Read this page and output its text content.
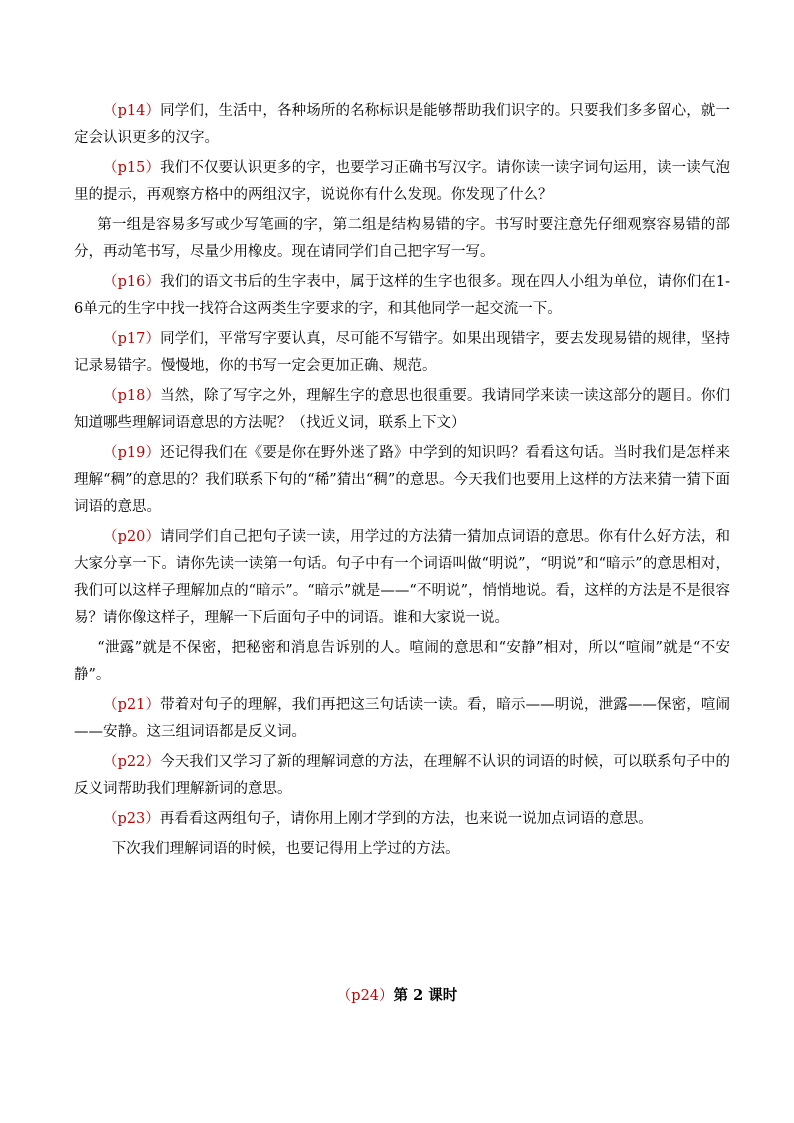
（p14）同学们，生活中，各种场所的名称标识是能够帮助我们识字的。只要我们多多留心，就一定会认识更多的汉字。

（p15）我们不仅要认识更多的字，也要学习正确书写汉字。请你读一读字词句运用，读一读气泡里的提示，再观察方格中的两组汉字，说说你有什么发现。你发现了什么？

第一组是容易多写或少写笔画的字，第二组是结构易错的字。书写时要注意先仔细观察容易错的部分，再动笔书写，尽量少用橡皮。现在请同学们自己把字写一写。

（p16）我们的语文书后的生字表中，属于这样的生字也很多。现在四人小组为单位，请你们在1-6单元的生字中找一找符合这两类生字要求的字，和其他同学一起交流一下。

（p17）同学们，平常写字要认真，尽可能不写错字。如果出现错字，要去发现易错的规律，坚持记录易错字。慢慢地，你的书写一定会更加正确、规范。

（p18）当然，除了写字之外，理解生字的意思也很重要。我请同学来读一读这部分的题目。你们知道哪些理解词语意思的方法呢？（找近义词，联系上下文）

（p19）还记得我们在《要是你在野外迷了路》中学到的知识吗？看看这句话。当时我们是怎样来理解“稠”的意思的？我们联系下句的“稀”猜出“稠”的意思。今天我们也要用上这样的方法来猜一猜下面词语的意思。

（p20）请同学们自己把句子读一读，用学过的方法猜一猜加点词语的意思。你有什么好方法，和大家分享一下。请你先读一读第一句话。句子中有一个词语叫做“明说”，“明说”和“暗示”的意思相对，我们可以这样子理解加点的“暗示”。“暗示”就是——“不明说”，悄悄地说。看，这样的方法是不是很容易？请你像这样子，理解一下后面句子中的词语。谁和大家说一说。

“泄露”就是不保密，把秘密和消息告诉别的人。喧闹的意思和“安静”相对，所以“喧闹”就是“不安静”。

（p21）带着对句子的理解，我们再把这三句话读一读。看，暗示——明说，泄露——保密，喧闹——安静。这三组词语都是反义词。

（p22）今天我们又学习了新的理解词意的方法，在理解不认识的词语的时候，可以联系句子中的反义词帮助我们理解新词的意思。

（p23）再看看这两组句子，请你用上刚才学到的方法，也来说一说加点词语的意思。

下次我们理解词语的时候，也要记得用上学过的方法。

（p24）第 2 课时
